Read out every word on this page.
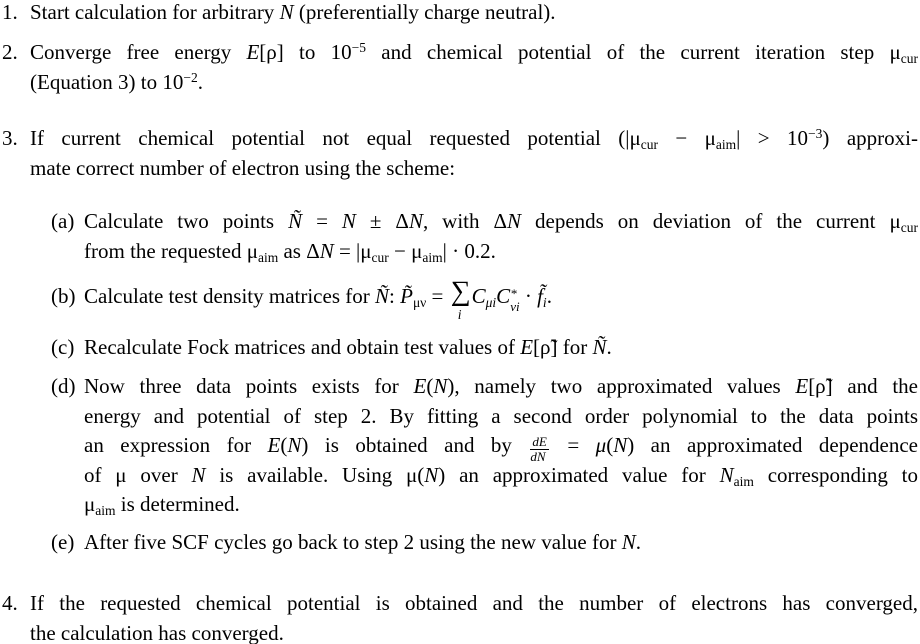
1. Start calculation for arbitrary N (preferentially charge neutral).
2. Converge free energy E[ρ] to $10^{-5}$ and chemical potential of the current iteration step $\mu_{cur}$
(Equation 3) to $10^{-2}$.
3. If current chemical potential not equal requested potential $(|\mu_{cur} - \mu_{aim}| > 10^{-3})$ approxi-
mate correct number of electron using the scheme:
(a) Calculate two points Ñ = N ± ΔN, with ΔN depends on deviation of the current $\mu_{cur}$
from the requested $\mu_{aim}$ as $\Delta N = |\mu_{cur} - \mu_{aim}| \cdot 0.2$.
(b) Calculate test density matrices for Ñ: $P̃_{\mu\nu}$ = ∑
i
$C_{\mu i}C$ *
$\nu i \cdot f̃_i$.
(c) Recalculate Fock matrices and obtain test values of E[ρ̃] for Ñ.
(d) Now three data points exists for E(N), namely two approximated values E[ρ̃] and the
energy and potential of step 2. By fitting a second order polynomial to the data points
an expression for E(N) is obtained and by $\frac{dE}{dN} = \mu(N)$ an approximated dependence
of μ over N is available. Using μ(N) an approximated value for $N_{aim}$ corresponding to
$\mu_{aim}$ is determined.
(e) After five SCF cycles go back to step 2 using the new value for N.
4. If the requested chemical potential is obtained and the number of electrons has converged,
the calculation has converged.
